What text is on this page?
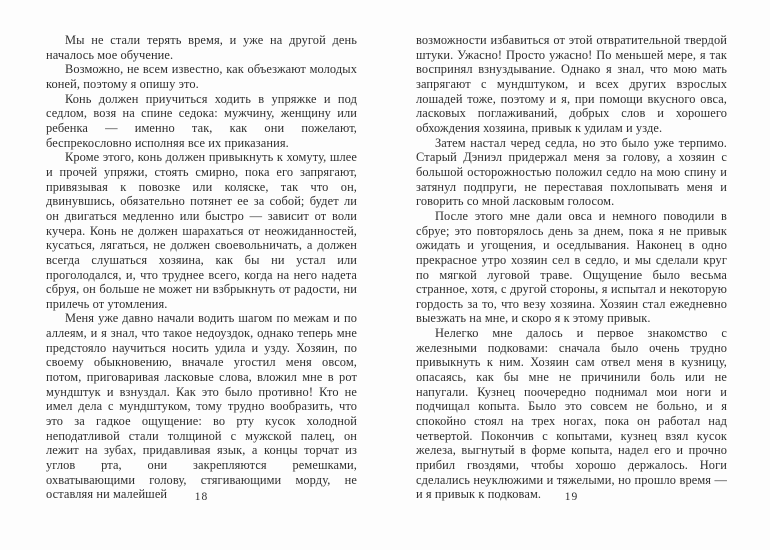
Мы не стали терять время, и уже на другой день началось мое обучение.

Возможно, не всем известно, как объезжают молодых коней, поэтому я опишу это.

Конь должен приучиться ходить в упряжке и под седлом, возя на спине седока: мужчину, женщину или ребенка — именно так, как они пожелают, беспрекословно исполняя все их приказания.

Кроме этого, конь должен привыкнуть к хомуту, шлее и прочей упряжи, стоять смирно, пока его запрягают, привязывая к повозке или коляске, так что он, двинувшись, обязательно потянет ее за собой; будет ли он двигаться медленно или быстро — зависит от воли кучера. Конь не должен шарахаться от неожиданностей, кусаться, лягаться, не должен своевольничать, а должен всегда слушаться хозяина, как бы ни устал или проголодался, и, что труднее всего, когда на него надета сбруя, он больше не может ни взбрыкнуть от радости, ни прилечь от утомления.

Меня уже давно начали водить шагом по межам и по аллеям, и я знал, что такое недоуздок, однако теперь мне предстояло научиться носить удила и узду. Хозяин, по своему обыкновению, вначале угостил меня овсом, потом, приговаривая ласковые слова, вложил мне в рот мундштук и взнуздал. Как это было противно! Кто не имел дела с мундштуком, тому трудно вообразить, что это за гадкое ощущение: во рту кусок холодной неподатливой стали толщиной с мужской палец, он лежит на зубах, придавливая язык, а концы торчат из углов рта, они закрепляются ремешками, охватывающими голову, стягивающими морду, не оставляя ни малейшей	18

возможности избавиться от этой отвратительной твердой штуки. Ужасно! Просто ужасно! По меньшей мере, я так воспринял взнуздывание. Однако я знал, что мою мать запрягают с мундштуком, и всех других взрослых лошадей тоже, поэтому и я, при помощи вкусного овса, ласковых поглаживаний, добрых слов и хорошего обхождения хозяина, привык к удилам и узде.

Затем настал черед седла, но это было уже терпимо. Старый Дэниэл придержал меня за голову, а хозяин с большой осторожностью положил седло на мою спину и затянул подпруги, не переставая похлопывать меня и говорить со мной ласковым голосом.

После этого мне дали овса и немного поводили в сбруе; это повторялось день за днем, пока я не привык ожидать и угощения, и оседлывания. Наконец в одно прекрасное утро хозяин сел в седло, и мы сделали круг по мягкой луговой траве. Ощущение было весьма странное, хотя, с другой стороны, я испытал и некоторую гордость за то, что везу хозяина. Хозяин стал ежедневно выезжать на мне, и скоро я к этому привык.

Нелегко мне далось и первое знакомство с железными подковами: сначала было очень трудно привыкнуть к ним. Хозяин сам отвел меня в кузницу, опасаясь, как бы мне не причинили боль или не напугали. Кузнец поочередно поднимал мои ноги и подчищал копыта. Было это совсем не больно, и я спокойно стоял на трех ногах, пока он работал над четвертой. Покончив с копытами, кузнец взял кусок железа, выгнутый в форме копыта, надел его и прочно прибил гвоздями, чтобы хорошо держалось. Ноги сделались неуклюжими и тяжелыми, но прошло время — и я привык к подковам.	19
